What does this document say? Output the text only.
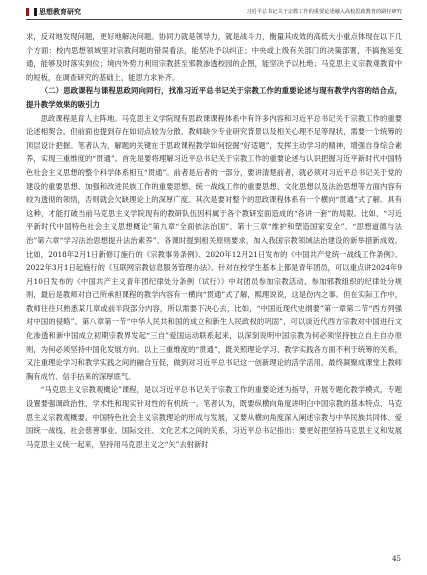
思想教育研究	习近平总书记关于宗教工作的重要论述融入高校思政教育的路径研究

求，反对地发现问题，更好地解决问题。协同力就是领导力，就是战斗力，衡量其成效的高低大小重点体现在以下几个方面：校内思想领域里对宗教问题的错误看法，能坚决予以纠正；中央或上级有关部门的决策部署，不搞拖延变通，能够及时落实到位；境内外势力利用宗教甚至邪教渗透校园的企图，能坚决予以杜绝；马克思主义宗教观教育中的短板，在调查研究的基础上，能思力求补齐。

（二）思政课程与课程思政同向同行，找准习近平总书记关于宗教工作的重要论述与现有教学内容的结合点，提升教学效果的吸引力

思政课程是育人主阵地。马克思主义学院现有思政课课程体系中有许多内容和习近平总书记关于宗教工作的重要论述相契合，但前面也提到存在如切点较为分散、教师缺少专业研究背景以及相关心理不足等现状，需要一个统筹的顶层设计把握。笔者认为，解题的关键在于思政课程教学如何挖掘“好适题”，发挥主动学习的精神，增强自身综合素养，实现三重维度的“贯通”。首先是要将理解习近平总书记关于宗教工作的重要论述与认识把握习近平新时代中国特色社会主义思想的整个科学体系相互“贯通”。前者是后者的一部分，要讲清楚前者，就必须对习近平总书记关于党的建设的重要思想、加强和改进民族工作的重要思想、统一战线工作的重要思想、文化思想以及法治思想等方面内容有较为透彻的领悟，否则就会欠缺理论上的深厚广度。其次是要对整个的思政课程体系有一个横向“贯通”式了解。具有这种，才能打破当前马克思主义学院现有的教研队伍因科属于各个教研室面造成的“各讲一套”的局限。比如，“习近平新时代中国特色社会主义思想概论”第九章“全面依法治国”、第十三章“维护和塑造国家安全”、“思想道德与法治”第六章“学习法治思想提升法治素养”、各课时提到相关原则要求，加入我国宗教领域法治建设的新举措新成效。比如，2018年2月1日新修订施行的《宗教事务条例》、2020年12月21日发布的《中国共产党统一战线工作条例》、2022年3月1日起施行的《互联网宗教信息服务管理办法》。针对在校学生基本上都是青年团员，可以重点讲2024年9月10日发布的《中国共产主义青年团纪律处分条例（试行）》中对团员参加宗教活动、参加邪教组织的纪律处分规则，最后是教师对自己所承担课程的教学内容有一横向“贯通”式了解，熙理说说，这是份内之事。但在实际工作中，教师往往只熟悉某几章或前半段部分内容，所以需要下决心去，比如，“中国近现代史纲要”第一章第二节“西方列强对中国的侵略”、第八章第一节“中华人民共和国的成立和新生人民政权的巩固”，可以谈近代西方宗教对中国进行文化渗透和新中国成立初期宗教界发起“三自”爱国运动联系起来，以深刻说明中国宗教为何必须坚持独立自主自办原则，为何必须坚持中国化发展方向。以上三重维度的“贯通”，既关照理论学习、教学实践各方面不利于统筹的关系，又注重理论学习和教学实践之间的融合互促，做到对习近平总书记这一创新理论的活学活用，最终凝聚成课堂上教师胸有成竹、信手拈来的深厚底气。

“马克思主义宗教观概论”课程，是以习近平总书记关于宗教工作的重要论述为指导，开展专题化教学模式，专题设置要强调政治性、学术性和现实针对性的有机统一。笔者认为，既要纵横向角度讲明白中国宗教的基本特点、马克思主义宗教观概要、中国特色社会主义宗教理论的形成与发展，又要从横向角度深入阐述宗教与中华民族共同体、爱国统一战线、社会慈善事业、国际交往、文化艺术之间的关系，习近平总书记指出：要更好把坚持马克思主义和发展马克思主义统一起来，坚持用马克思主义之“矢”去射新时

45
